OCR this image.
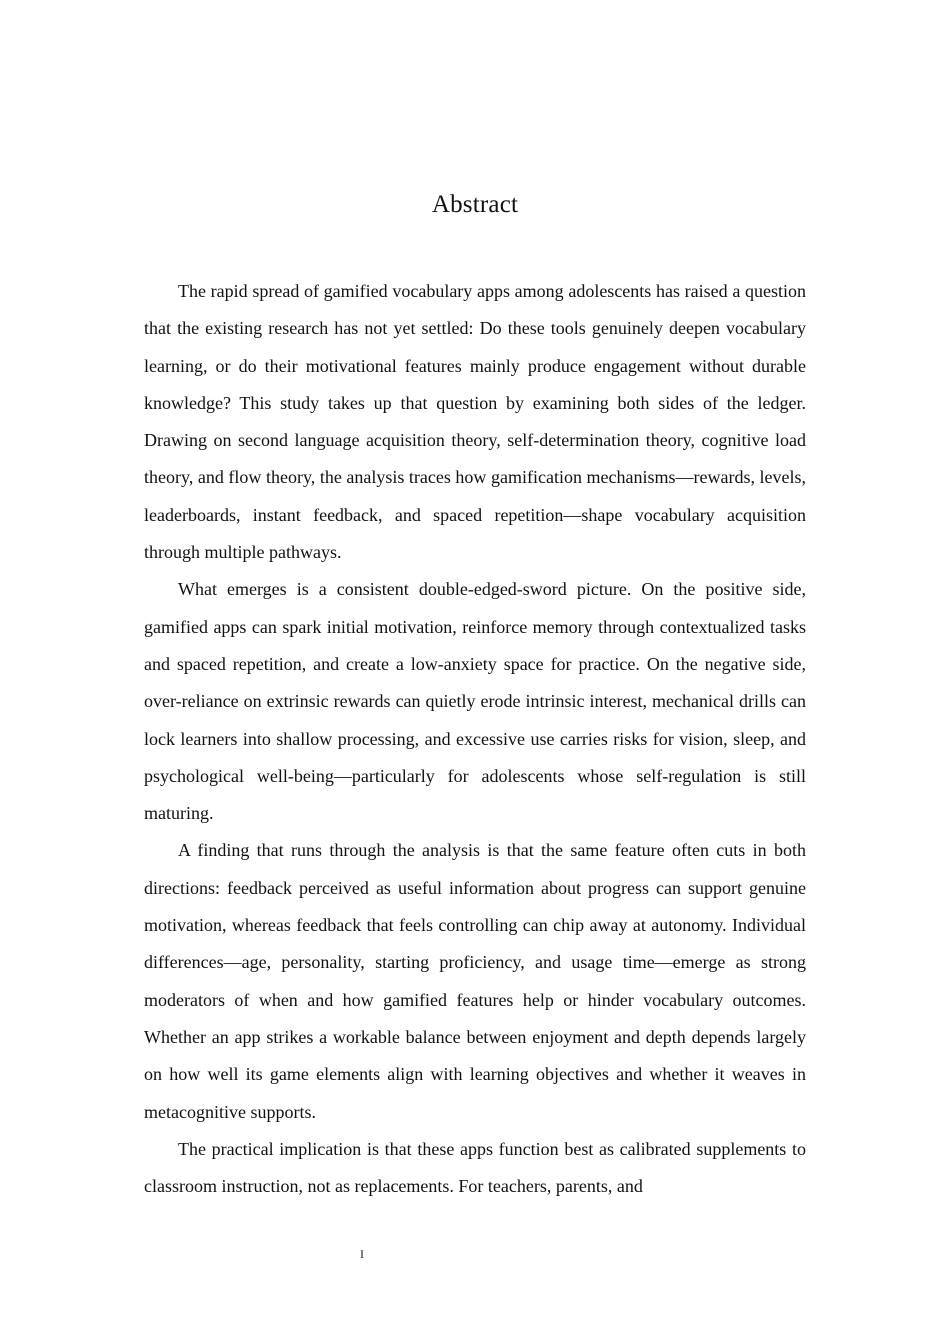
Abstract

The rapid spread of gamified vocabulary apps among adolescents has raised a question that the existing research has not yet settled: Do these tools genuinely deepen vocabulary learning, or do their motivational features mainly produce engagement without durable knowledge? This study takes up that question by examining both sides of the ledger. Drawing on second language acquisition theory, self-determination theory, cognitive load theory, and flow theory, the analysis traces how gamification mechanisms—rewards, levels, leaderboards, instant feedback, and spaced repetition—shape vocabulary acquisition through multiple pathways.

What emerges is a consistent double-edged-sword picture. On the positive side, gamified apps can spark initial motivation, reinforce memory through contextualized tasks and spaced repetition, and create a low-anxiety space for practice. On the negative side, over-reliance on extrinsic rewards can quietly erode intrinsic interest, mechanical drills can lock learners into shallow processing, and excessive use carries risks for vision, sleep, and psychological well-being—particularly for adolescents whose self-regulation is still maturing.

A finding that runs through the analysis is that the same feature often cuts in both directions: feedback perceived as useful information about progress can support genuine motivation, whereas feedback that feels controlling can chip away at autonomy. Individual differences—age, personality, starting proficiency, and usage time—emerge as strong moderators of when and how gamified features help or hinder vocabulary outcomes. Whether an app strikes a workable balance between enjoyment and depth depends largely on how well its game elements align with learning objectives and whether it weaves in metacognitive supports.

The practical implication is that these apps function best as calibrated supplements to classroom instruction, not as replacements. For teachers, parents, and

I
